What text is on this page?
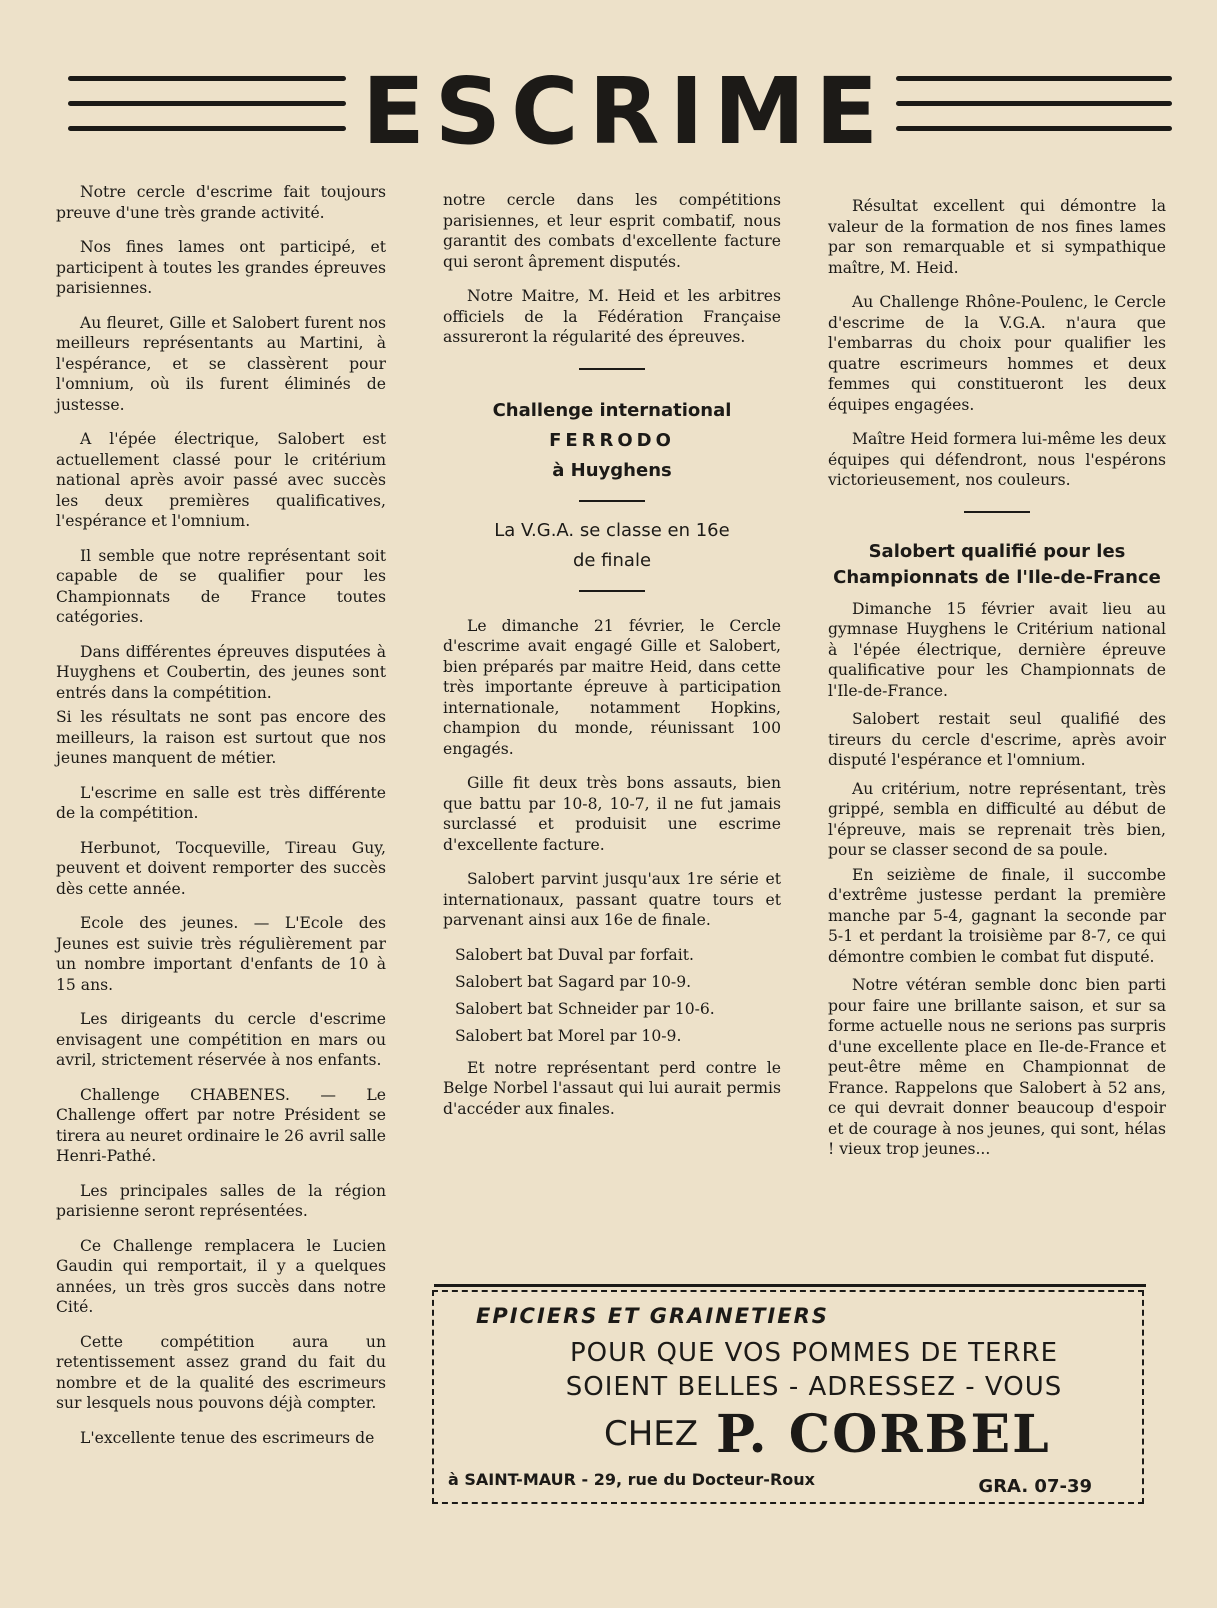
ESCRIME

Notre cercle d'escrime fait toujours preuve d'une très grande activité.

Nos fines lames ont participé, et participent à toutes les grandes épreuves parisiennes.

Au fleuret, Gille et Salobert furent nos meilleurs représentants au Martini, à l'espérance, et se classèrent pour l'omnium, où ils furent éliminés de justesse.

A l'épée électrique, Salobert est actuellement classé pour le critérium national après avoir passé avec succès les deux premières qualificatives, l'espérance et l'omnium.

Il semble que notre représentant soit capable de se qualifier pour les Championnats de France toutes catégories.

Dans différentes épreuves disputées à Huyghens et Coubertin, des jeunes sont entrés dans la compétition.

Si les résultats ne sont pas encore des meilleurs, la raison est surtout que nos jeunes manquent de métier.

L'escrime en salle est très différente de la compétition.

Herbunot, Tocqueville, Tireau Guy, peuvent et doivent remporter des succès dès cette année.

Ecole des jeunes. — L'Ecole des Jeunes est suivie très régulièrement par un nombre important d'enfants de 10 à 15 ans.

Les dirigeants du cercle d'escrime envisagent une compétition en mars ou avril, strictement réservée à nos enfants.

Challenge CHABENES. — Le Challenge offert par notre Président se tirera au neuret ordinaire le 26 avril salle Henri-Pathé.

Les principales salles de la région parisienne seront représentées.

Ce Challenge remplacera le Lucien Gaudin qui remportait, il y a quelques années, un très gros succès dans notre Cité.

Cette compétition aura un retentissement assez grand du fait du nombre et de la qualité des escrimeurs sur lesquels nous pouvons déjà compter.

L'excellente tenue des escrimeurs de

notre cercle dans les compétitions parisiennes, et leur esprit combatif, nous garantit des combats d'excellente facture qui seront âprement disputés.

Notre Maitre, M. Heid et les arbitres officiels de la Fédération Française assureront la régularité des épreuves.

Challenge international
FERRODO
à Huyghens
La V.G.A. se classe en 16e
de finale

Le dimanche 21 février, le Cercle d'escrime avait engagé Gille et Salobert, bien préparés par maitre Heid, dans cette très importante épreuve à participation internationale, notamment Hopkins, champion du monde, réunissant 100 engagés.

Gille fit deux très bons assauts, bien que battu par 10-8, 10-7, il ne fut jamais surclassé et produisit une escrime d'excellente facture.

Salobert parvint jusqu'aux 1re série et internationaux, passant quatre tours et parvenant ainsi aux 16e de finale.

Salobert bat Duval par forfait.

Salobert bat Sagard par 10-9.

Salobert bat Schneider par 10-6.

Salobert bat Morel par 10-9.

Et notre représentant perd contre le Belge Norbel l'assaut qui lui aurait permis d'accéder aux finales.

Résultat excellent qui démontre la valeur de la formation de nos fines lames par son remarquable et si sympathique maître, M. Heid.

Au Challenge Rhône-Poulenc, le Cercle d'escrime de la V.G.A. n'aura que l'embarras du choix pour qualifier les quatre escrimeurs hommes et deux femmes qui constitueront les deux équipes engagées.

Maître Heid formera lui-même les deux équipes qui défendront, nous l'espérons victorieusement, nos couleurs.

Salobert qualifié pour les
Championnats de l'Ile-de-France

Dimanche 15 février avait lieu au gymnase Huyghens le Critérium national à l'épée électrique, dernière épreuve qualificative pour les Championnats de l'Ile-de-France.

Salobert restait seul qualifié des tireurs du cercle d'escrime, après avoir disputé l'espérance et l'omnium.

Au critérium, notre représentant, très grippé, sembla en difficulté au début de l'épreuve, mais se reprenait très bien, pour se classer second de sa poule.

En seizième de finale, il succombe d'extrême justesse perdant la première manche par 5-4, gagnant la seconde par 5-1 et perdant la troisième par 8-7, ce qui démontre combien le combat fut disputé.

Notre vétéran semble donc bien parti pour faire une brillante saison, et sur sa forme actuelle nous ne serions pas surpris d'une excellente place en Ile-de-France et peut-être même en Championnat de France. Rappelons que Salobert à 52 ans, ce qui devrait donner beaucoup d'espoir et de courage à nos jeunes, qui sont, hélas ! vieux trop jeunes...

EPICIERS ET GRAINETIERS
POUR QUE VOS POMMES DE TERRE
SOIENT BELLES - ADRESSEZ - VOUS
CHEZ P. CORBEL
à SAINT-MAUR - 29, rue du Docteur-Roux	GRA. 07-39
